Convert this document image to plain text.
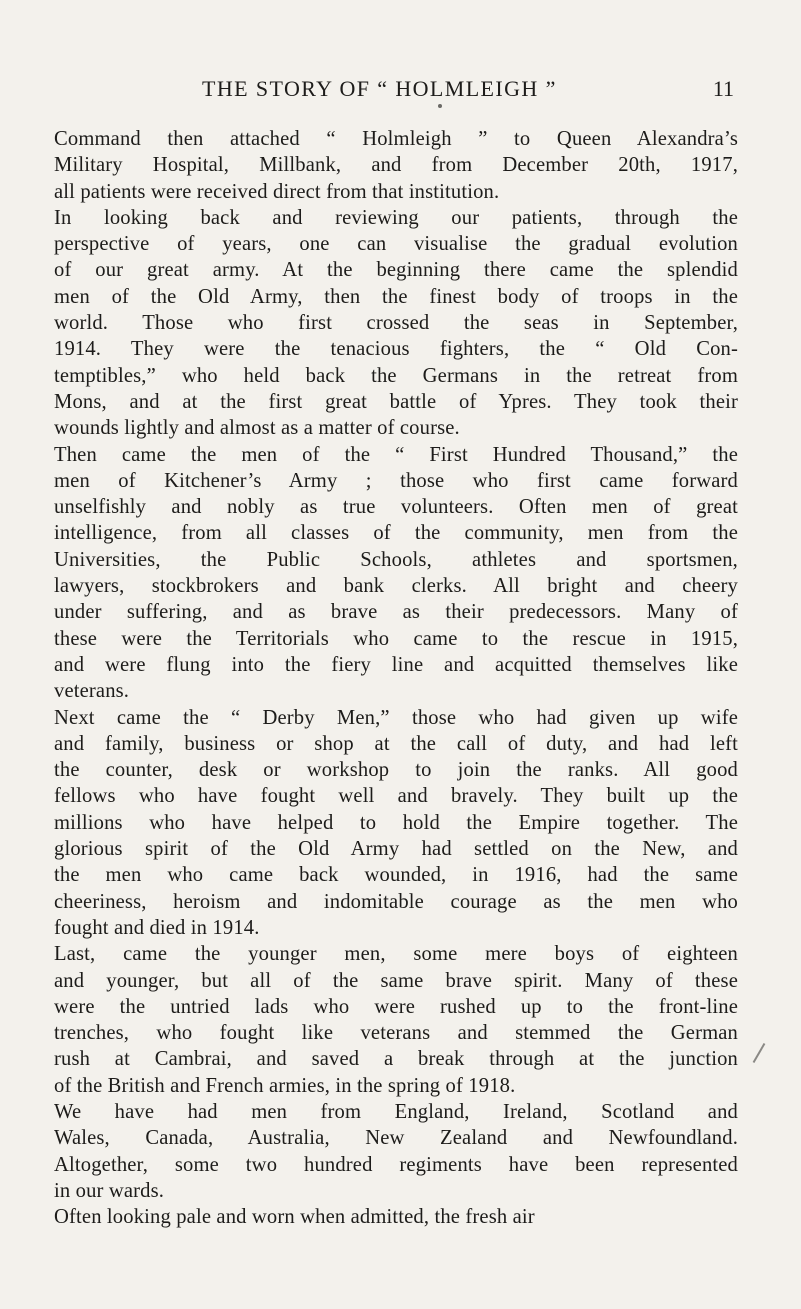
THE STORY OF “ HOLMLEIGH ”	11
Command then attached “ Holmleigh ” to Queen Alexandra’s
Military Hospital, Millbank, and from December 20th, 1917,
all patients were received direct from that institution.
In looking back and reviewing our patients, through the
perspective of years, one can visualise the gradual evolution
of our great army. At the beginning there came the splendid
men of the Old Army, then the finest body of troops in the
world. Those who first crossed the seas in September,
1914. They were the tenacious fighters, the “ Old Con-
temptibles,” who held back the Germans in the retreat from
Mons, and at the first great battle of Ypres. They took their
wounds lightly and almost as a matter of course.
Then came the men of the “ First Hundred Thousand,” the
men of Kitchener’s Army ; those who first came forward
unselfishly and nobly as true volunteers. Often men of great
intelligence, from all classes of the community, men from the
Universities, the Public Schools, athletes and sportsmen,
lawyers, stockbrokers and bank clerks. All bright and cheery
under suffering, and as brave as their predecessors. Many of
these were the Territorials who came to the rescue in 1915,
and were flung into the fiery line and acquitted themselves like
veterans.
Next came the “ Derby Men,” those who had given up wife
and family, business or shop at the call of duty, and had left
the counter, desk or workshop to join the ranks. All good
fellows who have fought well and bravely. They built up the
millions who have helped to hold the Empire together. The
glorious spirit of the Old Army had settled on the New, and
the men who came back wounded, in 1916, had the same
cheeriness, heroism and indomitable courage as the men who
fought and died in 1914.
Last, came the younger men, some mere boys of eighteen
and younger, but all of the same brave spirit. Many of these
were the untried lads who were rushed up to the front-line
trenches, who fought like veterans and stemmed the German
rush at Cambrai, and saved a break through at the junction
of the British and French armies, in the spring of 1918.
We have had men from England, Ireland, Scotland and
Wales, Canada, Australia, New Zealand and Newfoundland.
Altogether, some two hundred regiments have been represented
in our wards.
Often looking pale and worn when admitted, the fresh air
